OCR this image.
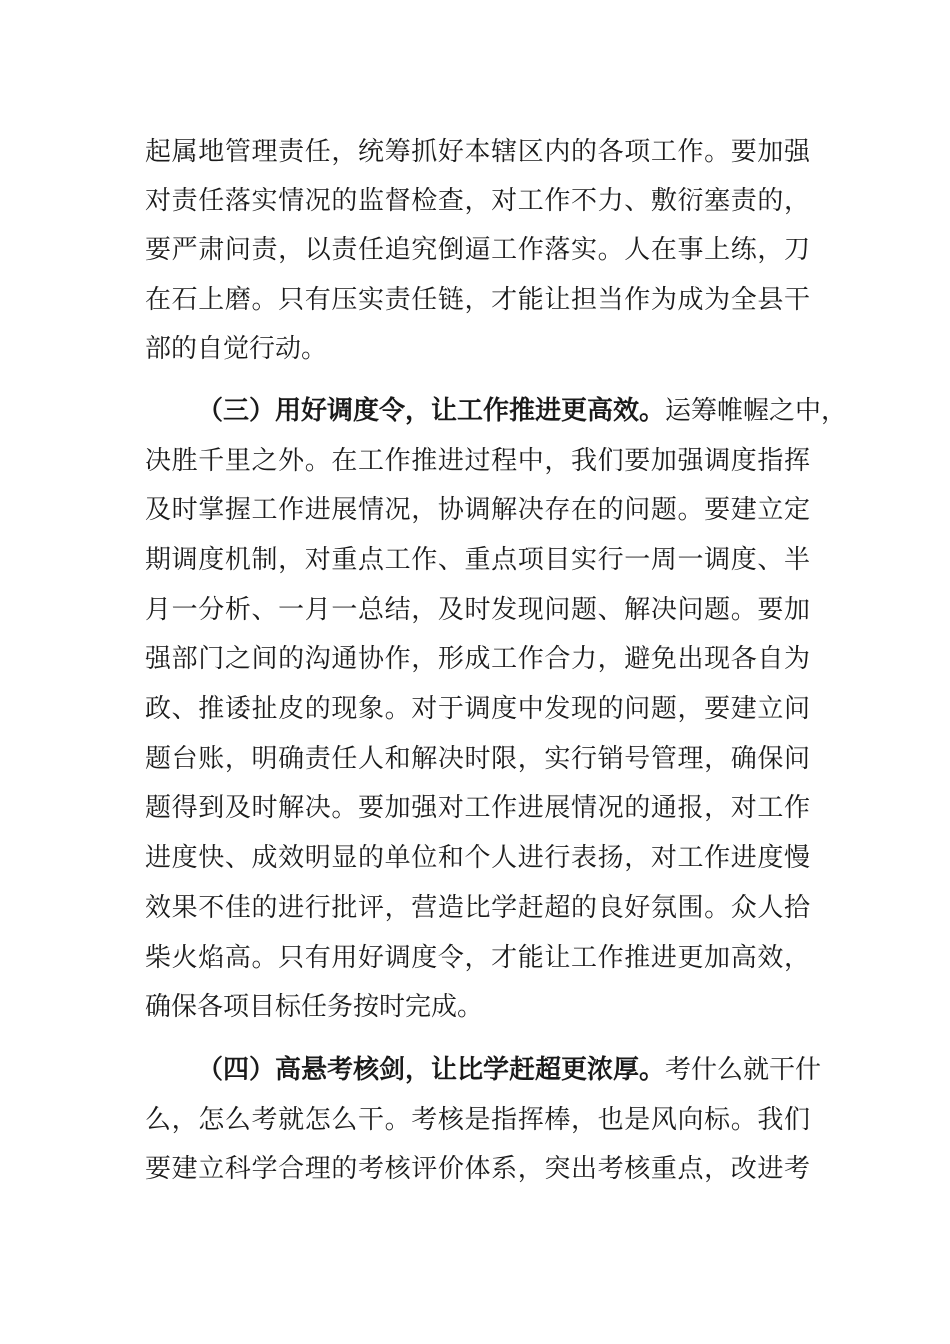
起属地管理责任，统筹抓好本辖区内的各项工作。要加强
对责任落实情况的监督检查，对工作不力、敷衍塞责的，
要严肃问责，以责任追究倒逼工作落实。人在事上练，刀
在石上磨。只有压实责任链，才能让担当作为成为全县干
部的自觉行动。
（三）用好调度令，让工作推进更高效。运筹帷幄之中，
决胜千里之外。在工作推进过程中，我们要加强调度指挥
及时掌握工作进展情况，协调解决存在的问题。要建立定
期调度机制，对重点工作、重点项目实行一周一调度、半
月一分析、一月一总结，及时发现问题、解决问题。要加
强部门之间的沟通协作，形成工作合力，避免出现各自为
政、推诿扯皮的现象。对于调度中发现的问题，要建立问
题台账，明确责任人和解决时限，实行销号管理，确保问
题得到及时解决。要加强对工作进展情况的通报，对工作
进度快、成效明显的单位和个人进行表扬，对工作进度慢
效果不佳的进行批评，营造比学赶超的良好氛围。众人拾
柴火焰高。只有用好调度令，才能让工作推进更加高效，
确保各项目标任务按时完成。
（四）高悬考核剑，让比学赶超更浓厚。考什么就干什
么，怎么考就怎么干。考核是指挥棒，也是风向标。我们
要建立科学合理的考核评价体系，突出考核重点，改进考
